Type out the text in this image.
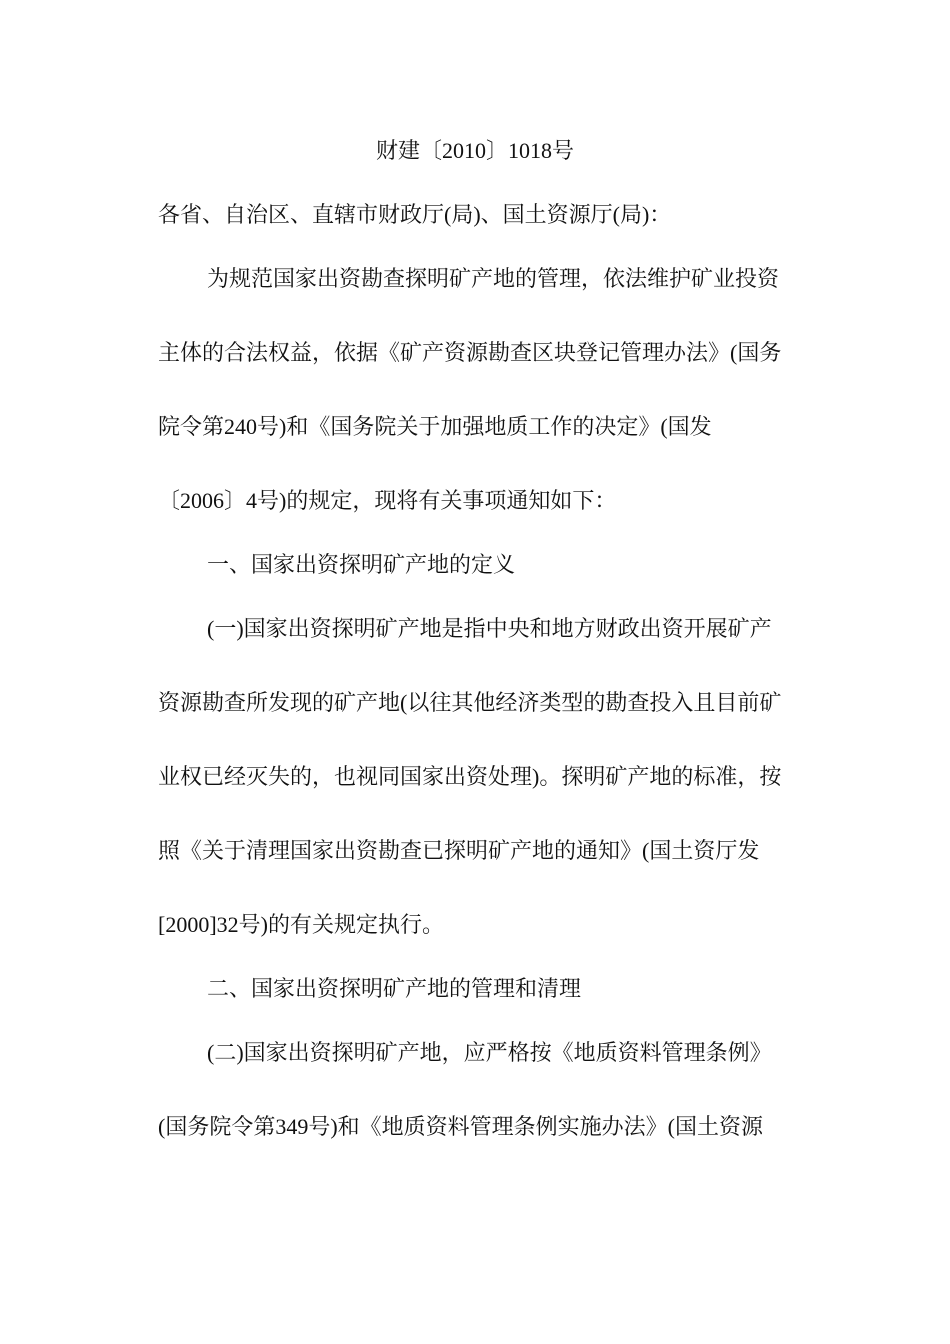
财建〔2010〕1018号
各省、自治区、直辖市财政厅(局)、国土资源厅(局)：
为规范国家出资勘查探明矿产地的管理，依法维护矿业投资
主体的合法权益，依据《矿产资源勘查区块登记管理办法》(国务
院令第240号)和《国务院关于加强地质工作的决定》(国发
〔2006〕4号)的规定，现将有关事项通知如下：
一、国家出资探明矿产地的定义
(一)国家出资探明矿产地是指中央和地方财政出资开展矿产
资源勘查所发现的矿产地(以往其他经济类型的勘查投入且目前矿
业权已经灭失的，也视同国家出资处理)。探明矿产地的标准，按
照《关于清理国家出资勘查已探明矿产地的通知》(国土资厅发
[2000]32号)的有关规定执行。
二、国家出资探明矿产地的管理和清理
(二)国家出资探明矿产地，应严格按《地质资料管理条例》
(国务院令第349号)和《地质资料管理条例实施办法》(国土资源
